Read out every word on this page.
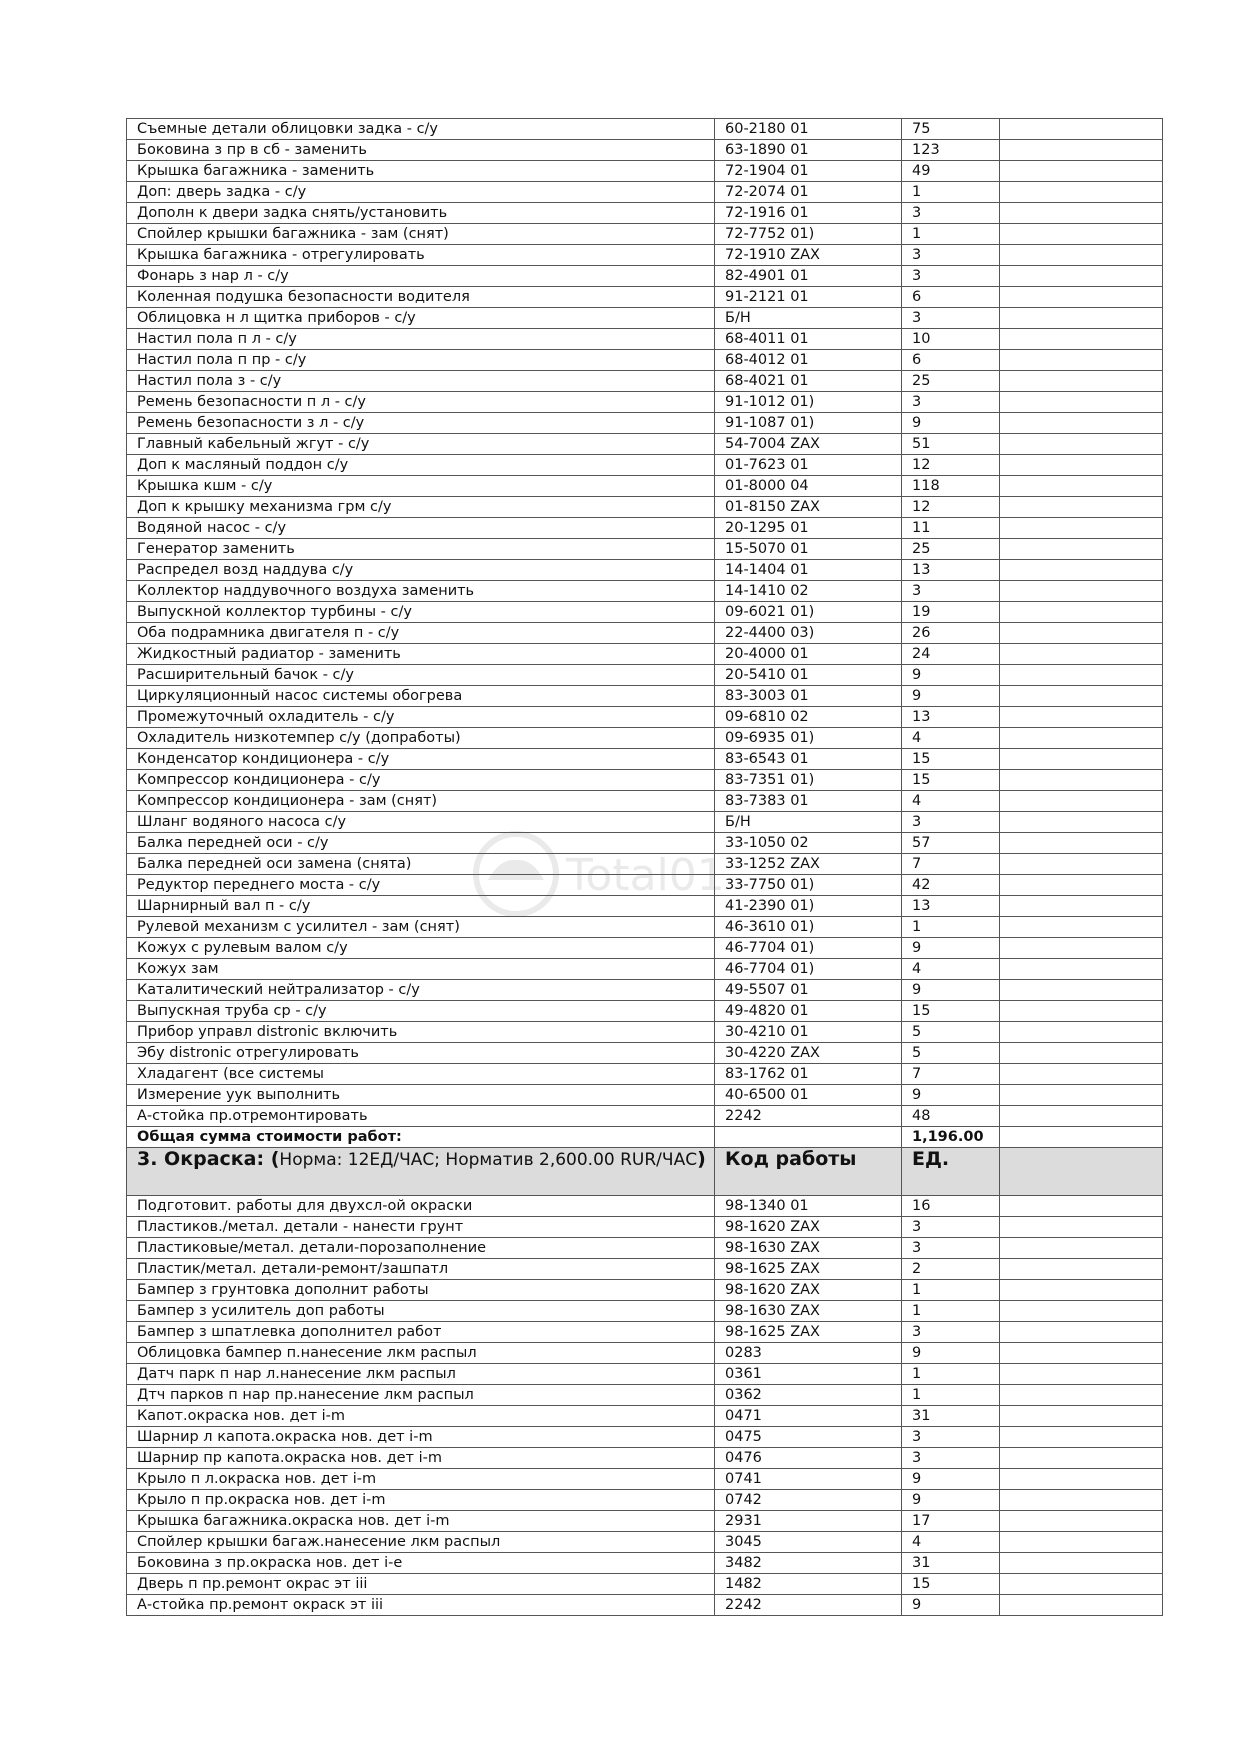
Съемные детали облицовки задка - с/у	60-2180 01	75	
Боковина з пр в сб - заменить	63-1890 01	123	
Крышка багажника - заменить	72-1904 01	49	
Доп: дверь задка - с/у	72-2074 01	1	
Дополн к двери задка снять/установить	72-1916 01	3	
Спойлер крышки багажника - зам (снят)	72-7752 01)	1	
Крышка багажника - отрегулировать	72-1910 ZAX	3	
Фонарь з нар л - с/у	82-4901 01	3	
Коленная подушка безопасности водителя	91-2121 01	6	
Облицовка н л щитка приборов - с/у	Б/Н	3	
Настил пола п л - с/у	68-4011 01	10	
Настил пола п пр - с/у	68-4012 01	6	
Настил пола з - с/у	68-4021 01	25	
Ремень безопасности п л - с/у	91-1012 01)	3	
Ремень безопасности з л - с/у	91-1087 01)	9	
Главный кабельный жгут - с/у	54-7004 ZAX	51	
Доп к масляный поддон с/у	01-7623 01	12	
Крышка кшм - с/у	01-8000 04	118	
Доп к крышку механизма грм с/у	01-8150 ZAX	12	
Водяной насос - с/у	20-1295 01	11	
Генератор заменить	15-5070 01	25	
Распредел возд наддува с/у	14-1404 01	13	
Коллектор наддувочного воздуха заменить	14-1410 02	3	
Выпускной коллектор турбины - с/у	09-6021 01)	19	
Оба подрамника двигателя п - с/у	22-4400 03)	26	
Жидкостный радиатор - заменить	20-4000 01	24	
Расширительный бачок - с/у	20-5410 01	9	
Циркуляционный насос системы обогрева	83-3003 01	9	
Промежуточный охладитель - с/у	09-6810 02	13	
Охладитель низкотемпер с/у (допработы)	09-6935 01)	4	
Конденсатор кондиционера - с/у	83-6543 01	15	
Компрессор кондиционера - с/у	83-7351 01)	15	
Компрессор кондиционера - зам (снят)	83-7383 01	4	
Шланг водяного насоса с/у	Б/Н	3	
Балка передней оси - с/у	33-1050 02	57	
Балка передней оси замена (снята)	33-1252 ZAX	7	
Редуктор переднего моста - с/у	33-7750 01)	42	
Шарнирный вал п - с/у	41-2390 01)	13	
Рулевой механизм с усилител - зам (снят)	46-3610 01)	1	
Кожух с рулевым валом с/у	46-7704 01)	9	
Кожух зам	46-7704 01)	4	
Каталитический нейтрализатор - с/у	49-5507 01	9	
Выпускная труба ср - с/у	49-4820 01	15	
Прибор управл distronic включить	30-4210 01	5	
Эбу distronic отрегулировать	30-4220 ZAX	5	
Хладагент (все системы	83-1762 01	7	
Измерение уук выполнить	40-6500 01	9	
А-стойка пр.отремонтировать	2242	48	
Общая сумма стоимости работ:		1,196.00	
3. Окраска: (Норма: 12ЕД/ЧАС; Норматив 2,600.00 RUR/ЧАС)	Код работы	ЕД.	
Подготовит. работы для двухсл-ой окраски	98-1340 01	16	
Пластиков./метал. детали - нанести грунт	98-1620 ZAX	3	
Пластиковые/метал. детали-порозаполнение	98-1630 ZAX	3	
Пластик/метал. детали-ремонт/зашпатл	98-1625 ZAX	2	
Бампер з грунтовка дополнит работы	98-1620 ZAX	1	
Бампер з усилитель доп работы	98-1630 ZAX	1	
Бампер з шпатлевка дополнител работ	98-1625 ZAX	3	
Облицовка бампер п.нанесение лкм распыл	0283	9	
Датч парк п нар л.нанесение лкм распыл	0361	1	
Дтч парков п нар пр.нанесение лкм распыл	0362	1	
Капот.окраска нов. дет i-m	0471	31	
Шарнир л капота.окраска нов. дет i-m	0475	3	
Шарнир пр капота.окраска нов. дет i-m	0476	3	
Крыло п л.окраска нов. дет i-m	0741	9	
Крыло п пр.окраска нов. дет i-m	0742	9	
Крышка багажника.окраска нов. дет i-m	2931	17	
Спойлер крышки багаж.нанесение лкм распыл	3045	4	
Боковина з пр.окраска нов. дет i-e	3482	31	
Дверь п пр.ремонт окрас эт iii	1482	15	
А-стойка пр.ремонт окраск эт iii	2242	9	
Total01
